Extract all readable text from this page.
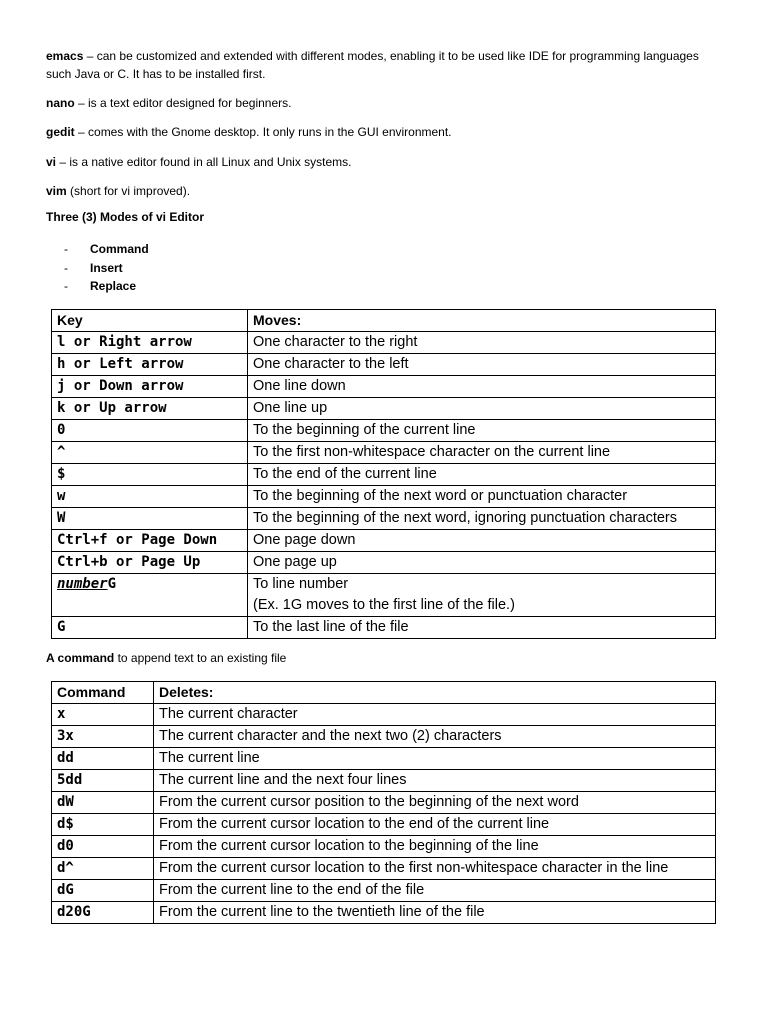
emacs – can be customized and extended with different modes, enabling it to be used like IDE for programming languages such Java or C. It has to be installed first.
nano – is a text editor designed for beginners.
gedit – comes with the Gnome desktop. It only runs in the GUI environment.
vi – is a native editor found in all Linux and Unix systems.
vim (short for vi improved).
Three (3) Modes of vi Editor
-	Command
-	Insert
-	Replace
Key	Moves:
l or Right arrow	One character to the right
h or Left arrow	One character to the left
j or Down arrow	One line down
k or Up arrow	One line up
0	To the beginning of the current line
^	To the first non-whitespace character on the current line
$	To the end of the current line
w	To the beginning of the next word or punctuation character
W	To the beginning of the next word, ignoring punctuation characters
Ctrl+f or Page Down	One page down
Ctrl+b or Page Up	One page up
numberG	To line number
(Ex. 1G moves to the first line of the file.)

G	To the last line of the file
A command to append text to an existing file
Command	Deletes:
x	The current character
3x	The current character and the next two (2) characters
dd	The current line
5dd	The current line and the next four lines
dW	From the current cursor position to the beginning of the next word
d$	From the current cursor location to the end of the current line
d0	From the current cursor location to the beginning of the line
d^	From the current cursor location to the first non-whitespace character in the line
dG	From the current line to the end of the file
d20G	From the current line to the twentieth line of the file
